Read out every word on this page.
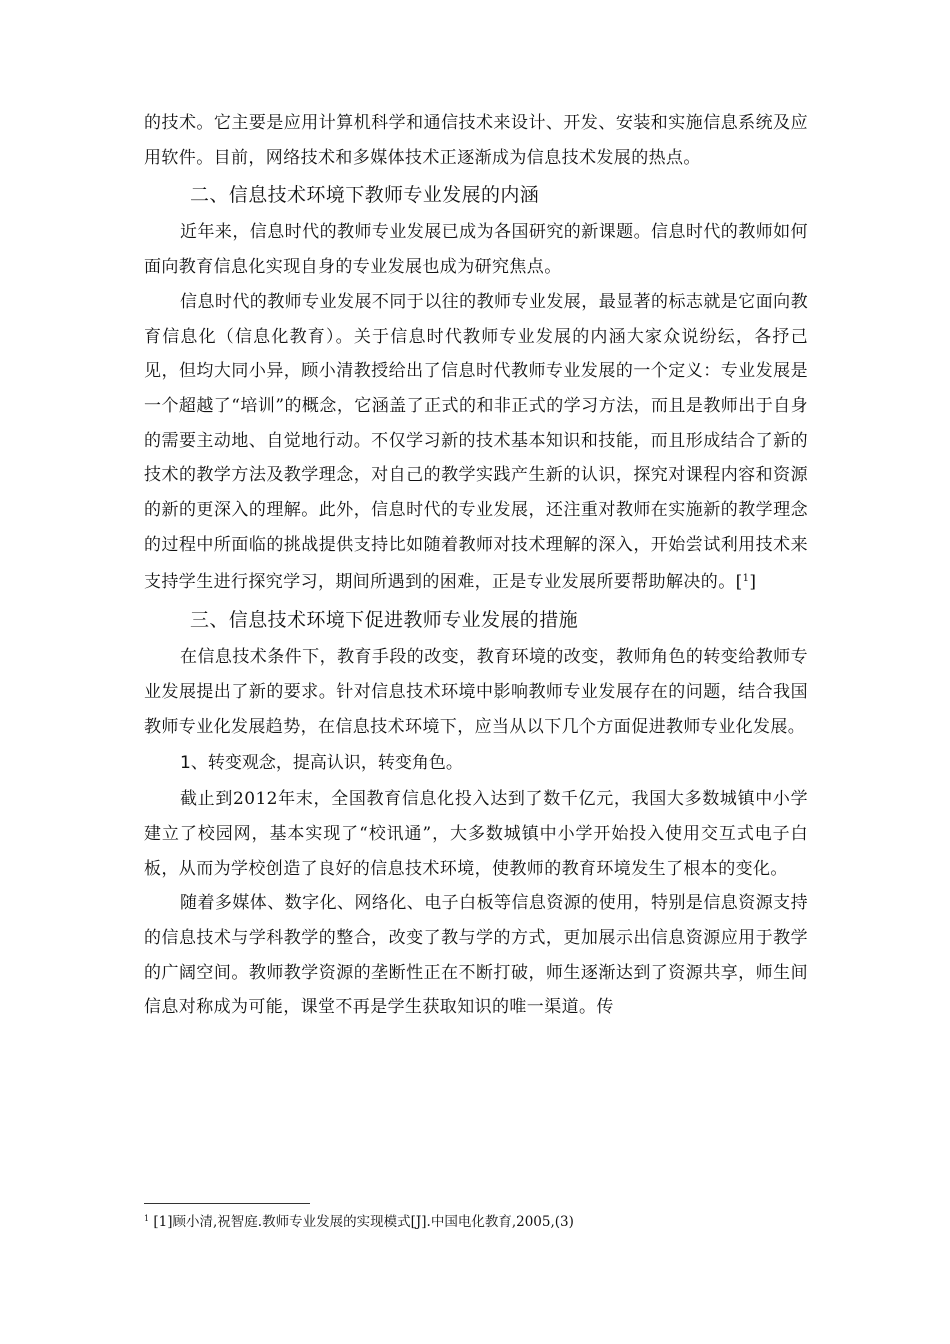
的技术。它主要是应用计算机科学和通信技术来设计、开发、安装和实施信息系统及应用软件。目前，网络技术和多媒体技术正逐渐成为信息技术发展的热点。

二、信息技术环境下教师专业发展的内涵

近年来，信息时代的教师专业发展已成为各国研究的新课题。信息时代的教师如何面向教育信息化实现自身的专业发展也成为研究焦点。

信息时代的教师专业发展不同于以往的教师专业发展，最显著的标志就是它面向教育信息化（信息化教育）。关于信息时代教师专业发展的内涵大家众说纷纭，各抒己见，但均大同小异，顾小清教授给出了信息时代教师专业发展的一个定义：专业发展是一个超越了“培训”的概念，它涵盖了正式的和非正式的学习方法，而且是教师出于自身的需要主动地、自觉地行动。不仅学习新的技术基本知识和技能，而且形成结合了新的技术的教学方法及教学理念，对自己的教学实践产生新的认识，探究对课程内容和资源的新的更深入的理解。此外，信息时代的专业发展，还注重对教师在实施新的教学理念的过程中所面临的挑战提供支持比如随着教师对技术理解的深入，开始尝试利用技术来支持学生进行探究学习，期间所遇到的困难，正是专业发展所要帮助解决的。[$^1$]

三、信息技术环境下促进教师专业发展的措施

在信息技术条件下，教育手段的改变，教育环境的改变，教师角色的转变给教师专业发展提出了新的要求。针对信息技术环境中影响教师专业发展存在的问题，结合我国教师专业化发展趋势，在信息技术环境下，应当从以下几个方面促进教师专业化发展。

1、转变观念，提高认识，转变角色。

截止到2012年末，全国教育信息化投入达到了数千亿元，我国大多数城镇中小学建立了校园网，基本实现了“校讯通”，大多数城镇中小学开始投入使用交互式电子白板，从而为学校创造了良好的信息技术环境，使教师的教育环境发生了根本的变化。

随着多媒体、数字化、网络化、电子白板等信息资源的使用，特别是信息资源支持的信息技术与学科教学的整合，改变了教与学的方式，更加展示出信息资源应用于教学的广阔空间。教师教学资源的垄断性正在不断打破，师生逐渐达到了资源共享，师生间信息对称成为可能，课堂不再是学生获取知识的唯一渠道。传

$^1$ [1]顾小清,祝智庭.教师专业发展的实现模式[J].中国电化教育,2005,(3)
